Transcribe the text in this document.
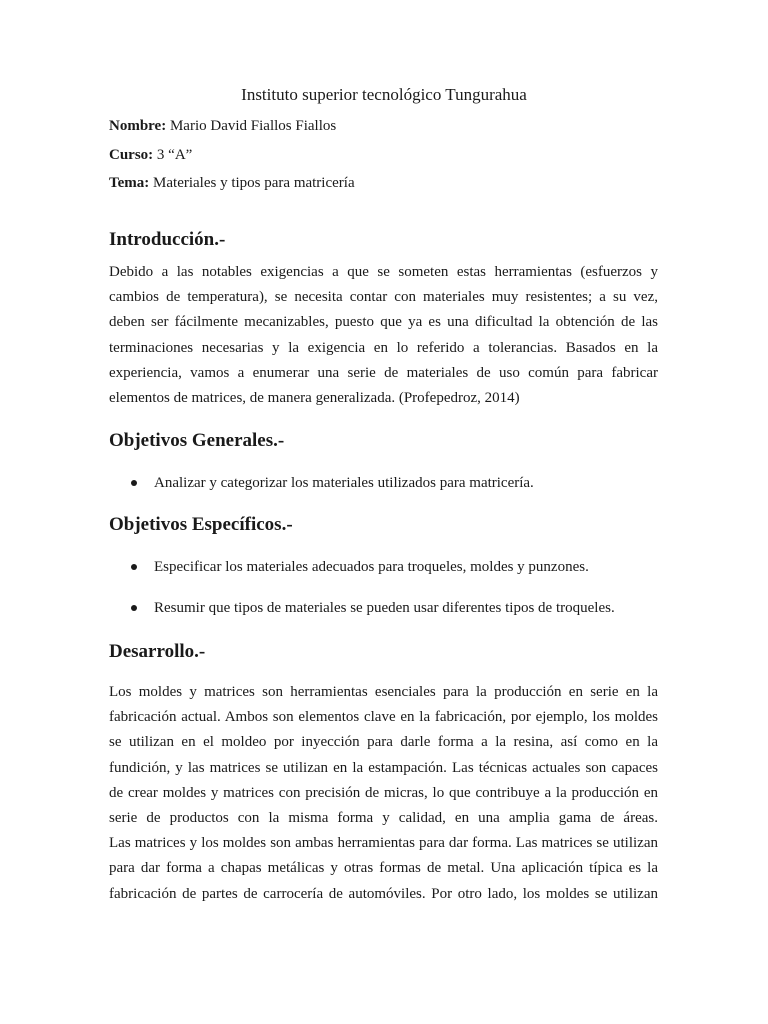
Instituto superior tecnológico Tungurahua
Nombre: Mario David Fiallos Fiallos
Curso: 3 “A”
Tema: Materiales y tipos para matricería
Introducción.-
Debido a las notables exigencias a que se someten estas herramientas (esfuerzos y
cambios de temperatura), se necesita contar con materiales muy resistentes; a su vez,
deben ser fácilmente mecanizables, puesto que ya es una dificultad la obtención de las
terminaciones necesarias y la exigencia en lo referido a tolerancias. Basados en la
experiencia, vamos a enumerar una serie de materiales de uso común para fabricar
elementos de matrices, de manera generalizada. (Profepedroz, 2014)
Objetivos Generales.-
Analizar y categorizar los materiales utilizados para matricería.
Objetivos Específicos.-
Especificar los materiales adecuados para troqueles, moldes y punzones.
Resumir que tipos de materiales se pueden usar diferentes tipos de troqueles.
Desarrollo.-
Los moldes y matrices son herramientas esenciales para la producción en serie en la
fabricación actual. Ambos son elementos clave en la fabricación, por ejemplo, los moldes
se utilizan en el moldeo por inyección para darle forma a la resina, así como en la
fundición, y las matrices se utilizan en la estampación. Las técnicas actuales son capaces
de crear moldes y matrices con precisión de micras, lo que contribuye a la producción en
serie de productos con la misma forma y calidad, en una amplia gama de áreas.
Las matrices y los moldes son ambas herramientas para dar forma. Las matrices se utilizan
para dar forma a chapas metálicas y otras formas de metal. Una aplicación típica es la
fabricación de partes de carrocería de automóviles. Por otro lado, los moldes se utilizan
